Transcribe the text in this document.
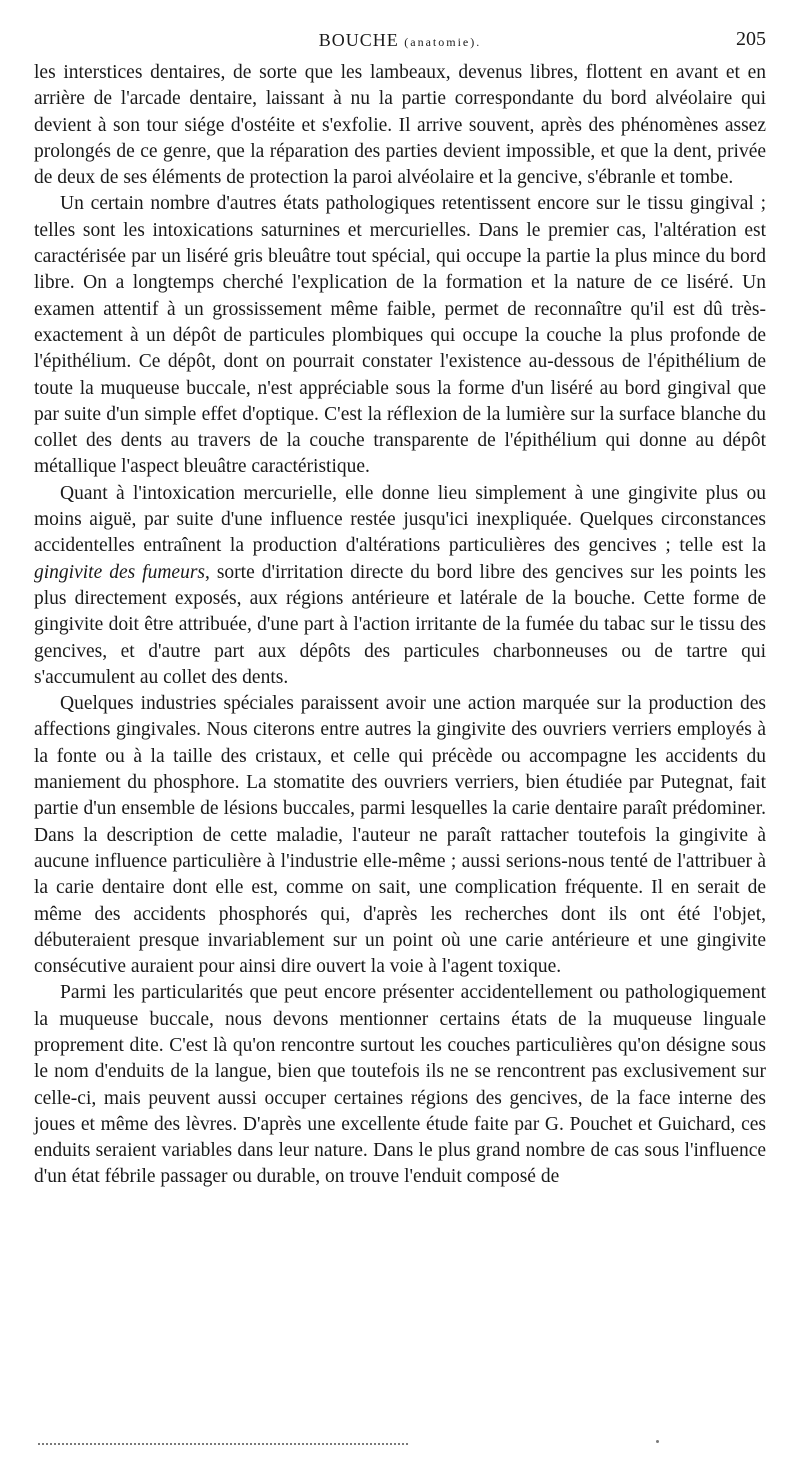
BOUCHE (anatomie).	205

les interstices dentaires, de sorte que les lambeaux, devenus libres, flottent en avant et en arrière de l'arcade dentaire, laissant à nu la partie correspondante du bord alvéolaire qui devient à son tour siége d'ostéite et s'exfolie. Il arrive souvent, après des phénomènes assez prolongés de ce genre, que la réparation des parties devient impossible, et que la dent, privée de deux de ses éléments de protection la paroi alvéolaire et la gencive, s'ébranle et tombe.

Un certain nombre d'autres états pathologiques retentissent encore sur le tissu gingival ; telles sont les intoxications saturnines et mercurielles. Dans le premier cas, l'altération est caractérisée par un liséré gris bleuâtre tout spécial, qui occupe la partie la plus mince du bord libre. On a longtemps cherché l'explication de la formation et la nature de ce liséré. Un examen attentif à un grossissement même faible, permet de reconnaître qu'il est dû très-exactement à un dépôt de particules plombiques qui occupe la couche la plus profonde de l'épithélium. Ce dépôt, dont on pourrait constater l'existence au-dessous de l'épithélium de toute la muqueuse buccale, n'est appréciable sous la forme d'un liséré au bord gingival que par suite d'un simple effet d'optique. C'est la réflexion de la lumière sur la surface blanche du collet des dents au travers de la couche transparente de l'épithélium qui donne au dépôt métallique l'aspect bleuâtre caractéristique.

Quant à l'intoxication mercurielle, elle donne lieu simplement à une gingivite plus ou moins aiguë, par suite d'une influence restée jusqu'ici inexpliquée. Quelques circonstances accidentelles entraînent la production d'altérations particulières des gencives ; telle est la gingivite des fumeurs, sorte d'irritation directe du bord libre des gencives sur les points les plus directement exposés, aux régions antérieure et latérale de la bouche. Cette forme de gingivite doit être attribuée, d'une part à l'action irritante de la fumée du tabac sur le tissu des gencives, et d'autre part aux dépôts des particules charbonneuses ou de tartre qui s'accumulent au collet des dents.

Quelques industries spéciales paraissent avoir une action marquée sur la production des affections gingivales. Nous citerons entre autres la gingivite des ouvriers verriers employés à la fonte ou à la taille des cristaux, et celle qui précède ou accompagne les accidents du maniement du phosphore. La stomatite des ouvriers verriers, bien étudiée par Putegnat, fait partie d'un ensemble de lésions buccales, parmi lesquelles la carie dentaire paraît prédominer. Dans la description de cette maladie, l'auteur ne paraît rattacher toutefois la gingivite à aucune influence particulière à l'industrie elle-même ; aussi serions-nous tenté de l'attribuer à la carie dentaire dont elle est, comme on sait, une complication fréquente. Il en serait de même des accidents phosphorés qui, d'après les recherches dont ils ont été l'objet, débuteraient presque invariablement sur un point où une carie antérieure et une gingivite consécutive auraient pour ainsi dire ouvert la voie à l'agent toxique.

Parmi les particularités que peut encore présenter accidentellement ou pathologiquement la muqueuse buccale, nous devons mentionner certains états de la muqueuse linguale proprement dite. C'est là qu'on rencontre surtout les couches particulières qu'on désigne sous le nom d'enduits de la langue, bien que toutefois ils ne se rencontrent pas exclusivement sur celle-ci, mais peuvent aussi occuper certaines régions des gencives, de la face interne des joues et même des lèvres. D'après une excellente étude faite par G. Pouchet et Guichard, ces enduits seraient variables dans leur nature. Dans le plus grand nombre de cas sous l'influence d'un état fébrile passager ou durable, on trouve l'enduit composé de
